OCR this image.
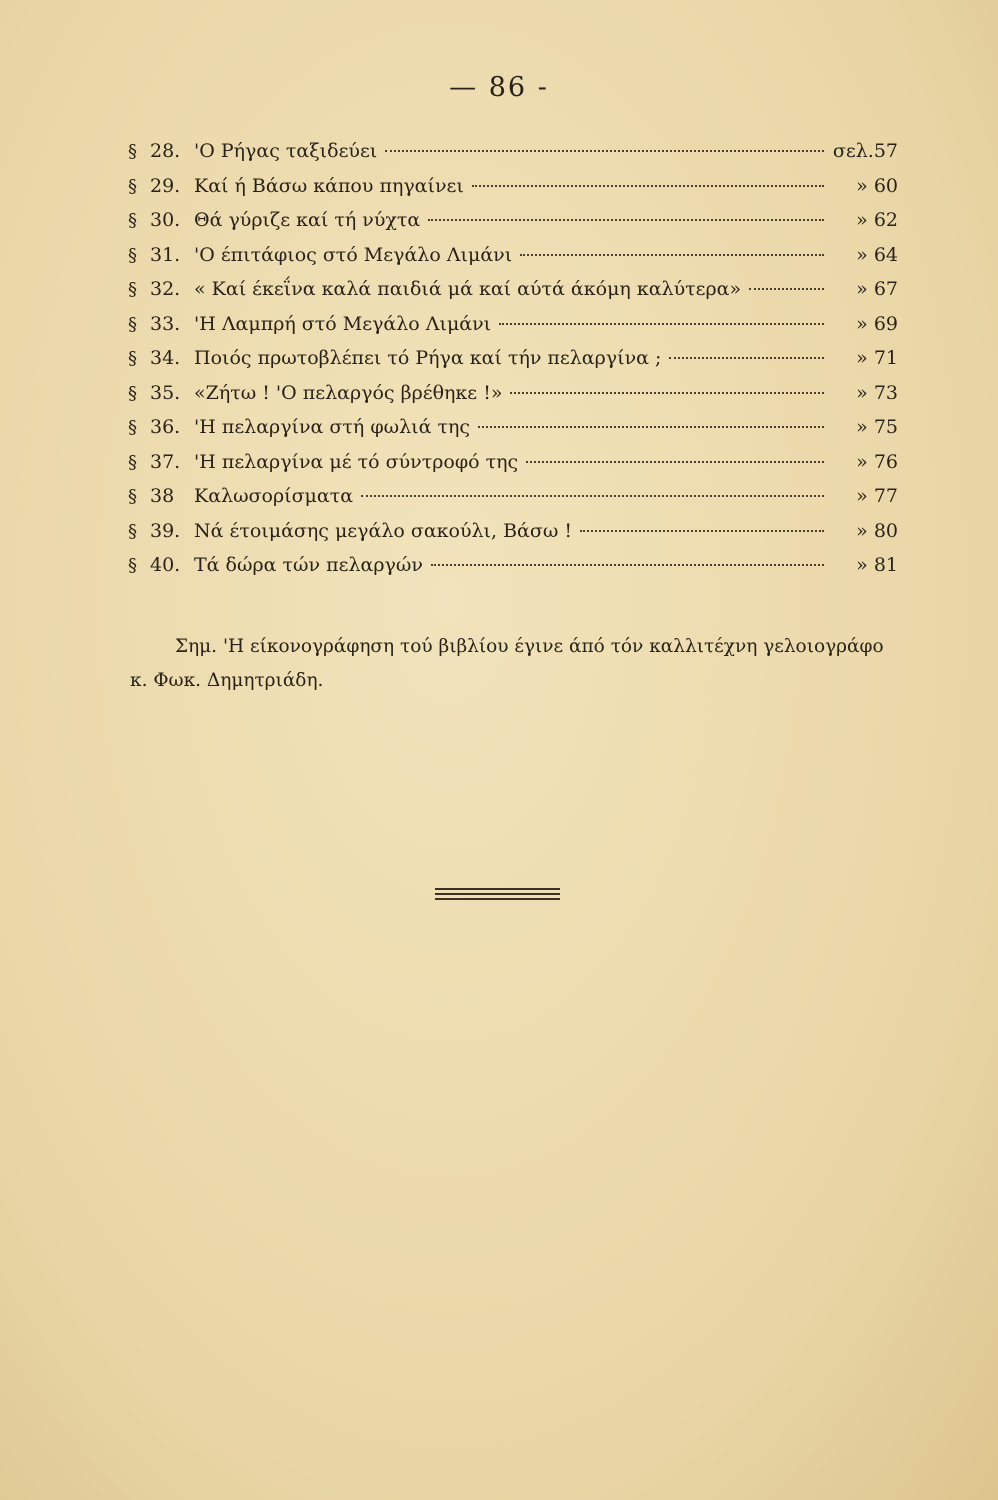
— 86 -
§ 28. 'Ο Ρήγας ταξιδεύει	σελ.57
§ 29. Καί ή Βάσω κάπου πηγαίνει	» 60
§ 30. Θά γύριζε καί τή νύχτα	» 62
§ 31. 'Ο έπιτάφιος στό Μεγάλο Λιμάνι	» 64
§ 32. « Καί έκεΐνα καλά παιδιά μά καί αύτά άκόμη καλύτερα»	» 67
§ 33. 'Η Λαμπρή στό Μεγάλο Λιμάνι	» 69
§ 34. Ποιός πρωτοβλέπει τό Ρήγα καί τήν πελαργίνα ;	» 71
§ 35. «Ζήτω ! 'Ο πελαργός βρέθηκε !»	» 73
§ 36. 'Η πελαργίνα στή φωλιά της	» 75
§ 37. 'Η πελαργίνα μέ τό σύντροφό της	» 76
§ 38	Καλωσορίσματα	» 77
§ 39. Νά έτοιμάσης μεγάλο σακούλι, Βάσω !	» 80
§ 40. Τά δώρα τών πελαργών	» 81
Σημ. 'Η είκονογράφηση τού βιβλίου έγινε άπό τόν καλλιτέχνη γελοιογράφο κ. Φωκ. Δημητριάδη.
